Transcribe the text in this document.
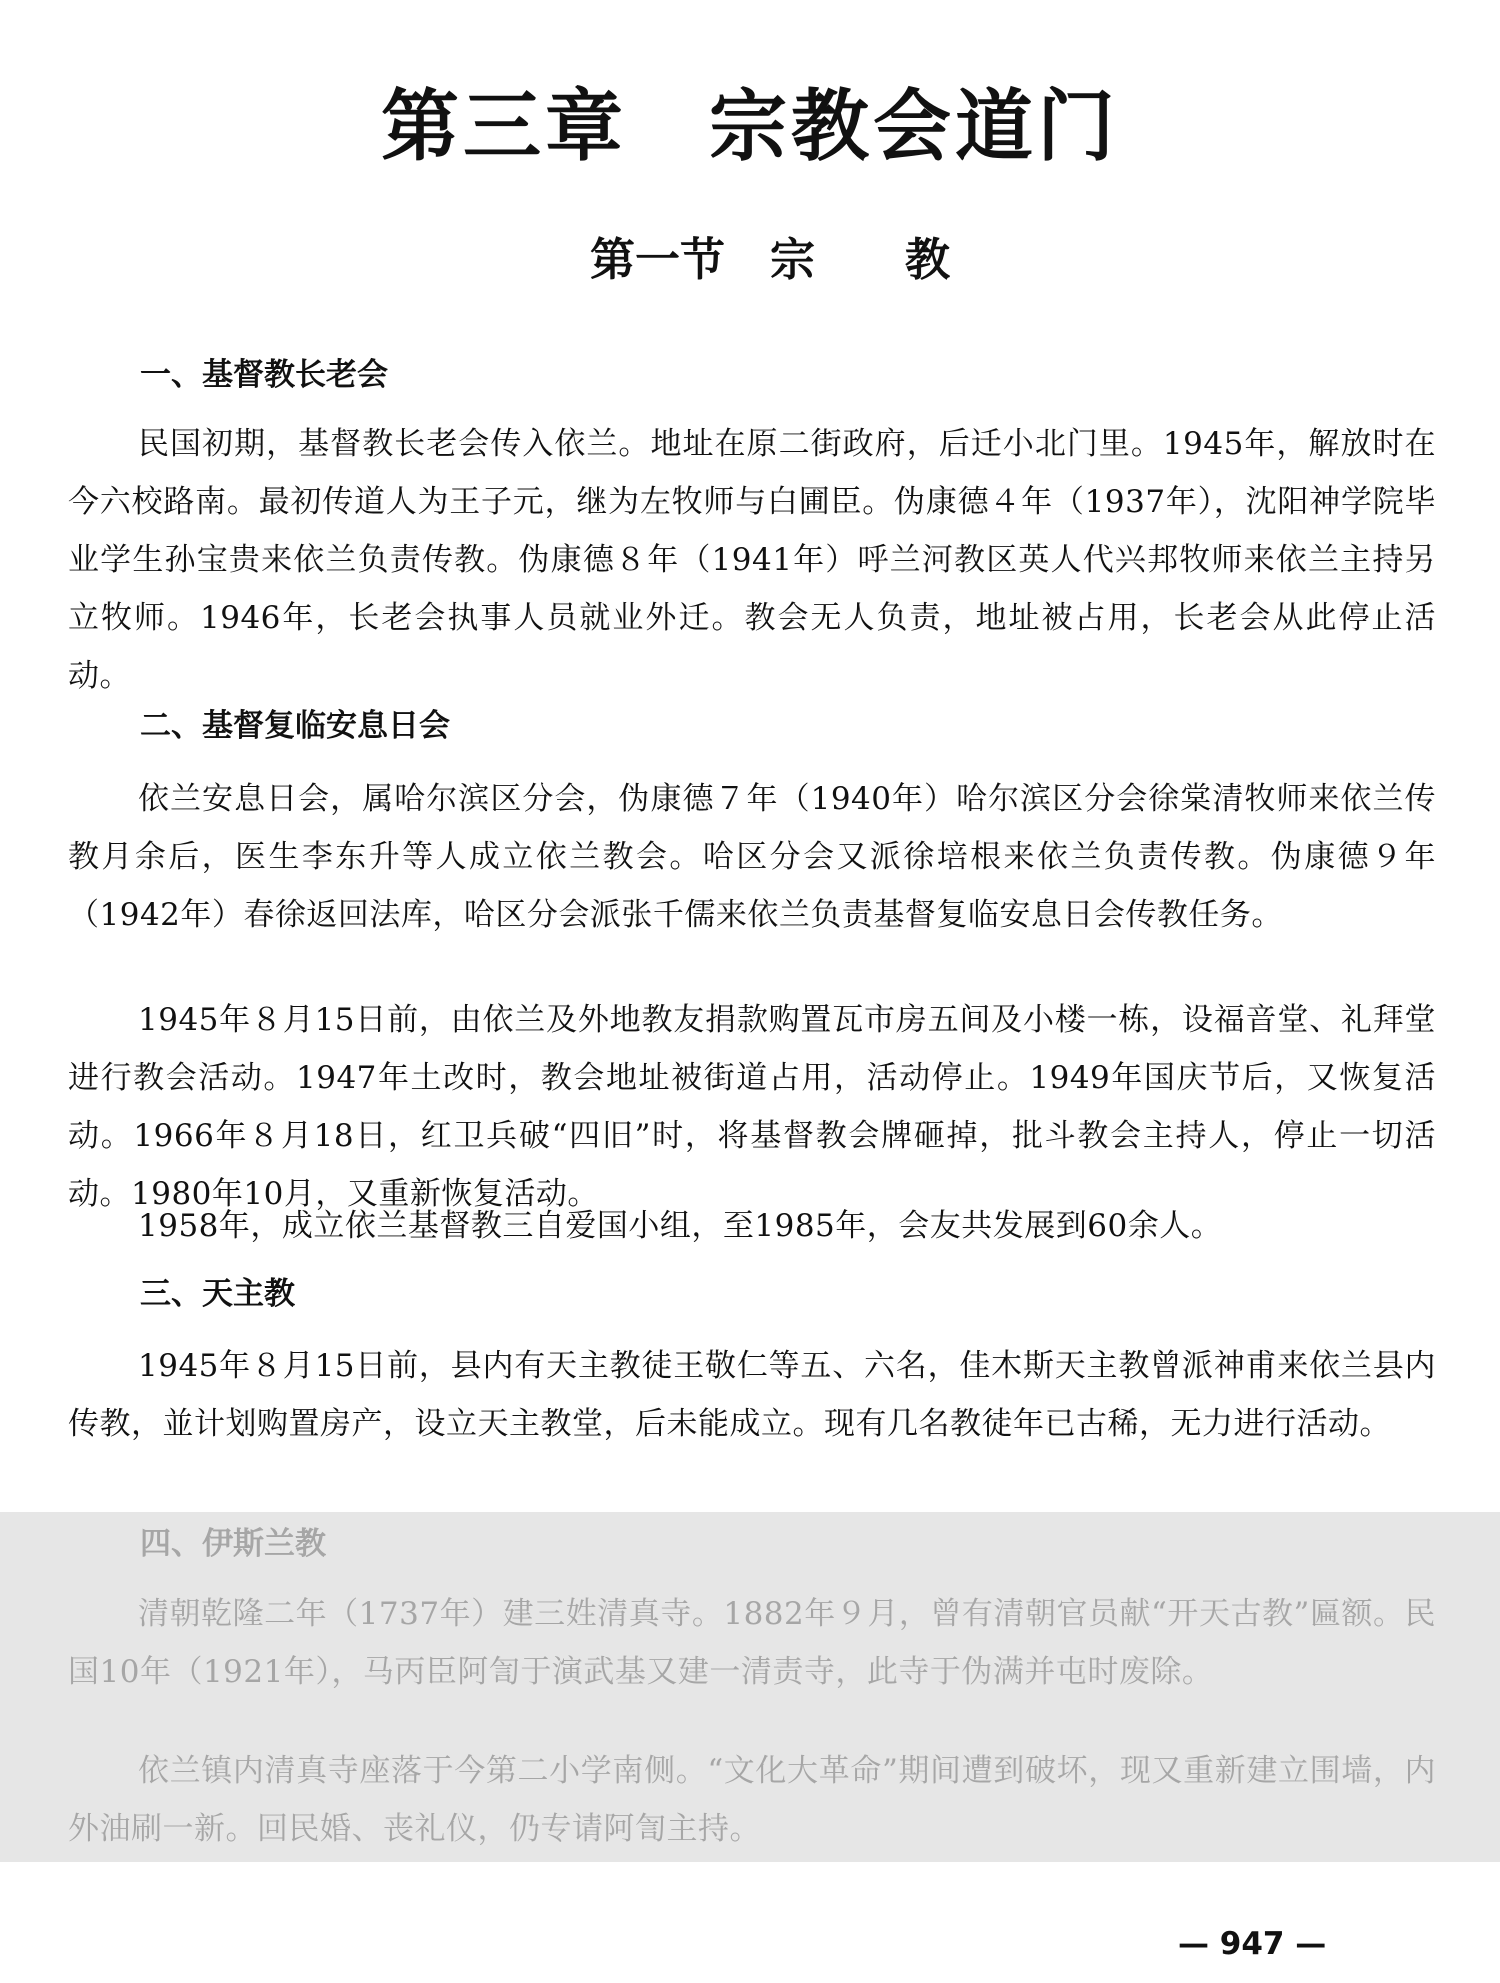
第三章　宗教会道门
第一节　宗　　教
一、基督教长老会

民国初期，基督教长老会传入依兰。地址在原二街政府，后迁小北门里。1945年，解放时在今六校路南。最初传道人为王子元，继为左牧师与白圃臣。伪康德４年（1937年），沈阳神学院毕业学生孙宝贵来依兰负责传教。伪康德８年（1941年）呼兰河教区英人代兴邦牧师来依兰主持另立牧师。1946年，长老会执事人员就业外迁。教会无人负责，地址被占用，长老会从此停止活动。

二、基督复临安息日会

依兰安息日会，属哈尔滨区分会，伪康德７年（1940年）哈尔滨区分会徐棠清牧师来依兰传教月余后，医生李东升等人成立依兰教会。哈区分会又派徐培根来依兰负责传教。伪康德９年（1942年）春徐返回法库，哈区分会派张千儒来依兰负责基督复临安息日会传教任务。

1945年８月15日前，由依兰及外地教友捐款购置瓦市房五间及小楼一栋，设福音堂、礼拜堂进行教会活动。1947年土改时，教会地址被街道占用，活动停止。1949年国庆节后，又恢复活动。1966年８月18日，红卫兵破“四旧”时，将基督教会牌砸掉，批斗教会主持人，停止一切活动。1980年10月，又重新恢复活动。

1958年，成立依兰基督教三自爱国小组，至1985年，会友共发展到60余人。

三、天主教

1945年８月15日前，县内有天主教徒王敬仁等五、六名，佳木斯天主教曾派神甫来依兰县内传教，並计划购置房产，设立天主教堂，后未能成立。现有几名教徒年已古稀，无力进行活动。

四、伊斯兰教

清朝乾隆二年（1737年）建三姓清真寺。1882年９月，曾有清朝官员献“开天古教”匾额。民国10年（1921年），马丙臣阿訇于演武基又建一清责寺，此寺于伪满并屯时废除。

依兰镇内清真寺座落于今第二小学南侧。“文化大革命”期间遭到破坏，现又重新建立围墙，内外油刷一新。回民婚、丧礼仪，仍专请阿訇主持。

— 947 —
